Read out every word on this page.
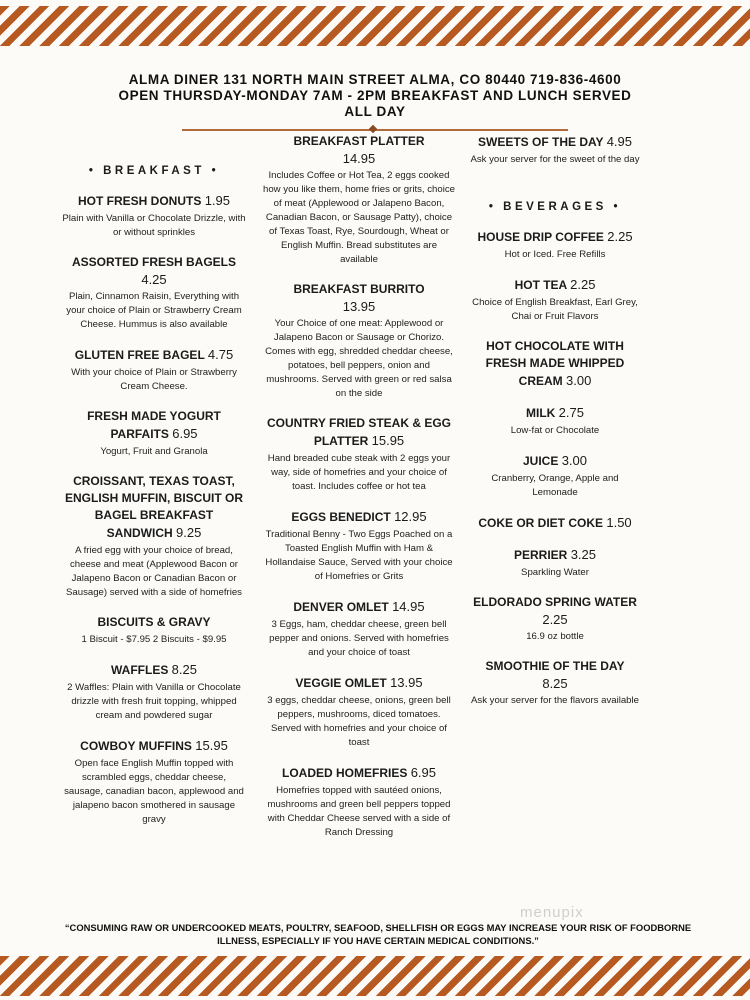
ALMA DINER 131 NORTH MAIN STREET ALMA, CO 80440 719-836-4600
OPEN THURSDAY-MONDAY 7AM - 2PM BREAKFAST AND LUNCH SERVED
ALL DAY
• BREAKFAST •
HOT FRESH DONUTS 1.95
Plain with Vanilla or Chocolate Drizzle, with or without sprinkles
ASSORTED FRESH BAGELS
4.25
Plain, Cinnamon Raisin, Everything with your choice of Plain or Strawberry Cream Cheese. Hummus is also available
GLUTEN FREE BAGEL 4.75
With your choice of Plain or Strawberry Cream Cheese.
FRESH MADE YOGURT PARFAITS 6.95
Yogurt, Fruit and Granola
CROISSANT, TEXAS TOAST, ENGLISH MUFFIN, BISCUIT OR BAGEL BREAKFAST SANDWICH 9.25
A fried egg with your choice of bread, cheese and meat (Applewood Bacon or Jalapeno Bacon or Canadian Bacon or Sausage) served with a side of homefries
BISCUITS & GRAVY
1 Biscuit - $7.95 2 Biscuits - $9.95
WAFFLES 8.25
2 Waffles: Plain with Vanilla or Chocolate drizzle with fresh fruit topping, whipped cream and powdered sugar
COWBOY MUFFINS 15.95
Open face English Muffin topped with scrambled eggs, cheddar cheese, sausage, canadian bacon, applewood and jalapeno bacon smothered in sausage gravy
BREAKFAST PLATTER
14.95
Includes Coffee or Hot Tea, 2 eggs cooked how you like them, home fries or grits, choice of meat (Applewood or Jalapeno Bacon, Canadian Bacon, or Sausage Patty), choice of Texas Toast, Rye, Sourdough, Wheat or English Muffin. Bread substitutes are available
BREAKFAST BURRITO
13.95
Your Choice of one meat: Applewood or Jalapeno Bacon or Sausage or Chorizo. Comes with egg, shredded cheddar cheese, potatoes, bell peppers, onion and mushrooms. Served with green or red salsa on the side
COUNTRY FRIED STEAK & EGG PLATTER 15.95
Hand breaded cube steak with 2 eggs your way, side of homefries and your choice of toast. Includes coffee or hot tea
EGGS BENEDICT 12.95
Traditional Benny - Two Eggs Poached on a Toasted English Muffin with Ham & Hollandaise Sauce, Served with your choice of Homefries or Grits
DENVER OMLET 14.95
3 Eggs, ham, cheddar cheese, green bell pepper and onions. Served with homefries and your choice of toast
VEGGIE OMLET 13.95
3 eggs, cheddar cheese, onions, green bell peppers, mushrooms, diced tomatoes. Served with homefries and your choice of toast
LOADED HOMEFRIES 6.95
Homefries topped with sautéed onions, mushrooms and green bell peppers topped with Cheddar Cheese served with a side of Ranch Dressing
SWEETS OF THE DAY 4.95
Ask your server for the sweet of the day
• BEVERAGES •
HOUSE DRIP COFFEE 2.25
Hot or Iced. Free Refills
HOT TEA 2.25
Choice of English Breakfast, Earl Grey, Chai or Fruit Flavors
HOT CHOCOLATE WITH FRESH MADE WHIPPED CREAM 3.00
MILK 2.75
Low-fat or Chocolate
JUICE 3.00
Cranberry, Orange, Apple and Lemonade
COKE OR DIET COKE 1.50
PERRIER 3.25
Sparkling Water
ELDORADO SPRING WATER
2.25
16.9 oz bottle
SMOOTHIE OF THE DAY
8.25
Ask your server for the flavors available
menupix
“CONSUMING RAW OR UNDERCOOKED MEATS, POULTRY, SEAFOOD, SHELLFISH OR EGGS MAY INCREASE YOUR RISK OF FOODBORNE ILLNESS, ESPECIALLY IF YOU HAVE CERTAIN MEDICAL CONDITIONS.”
